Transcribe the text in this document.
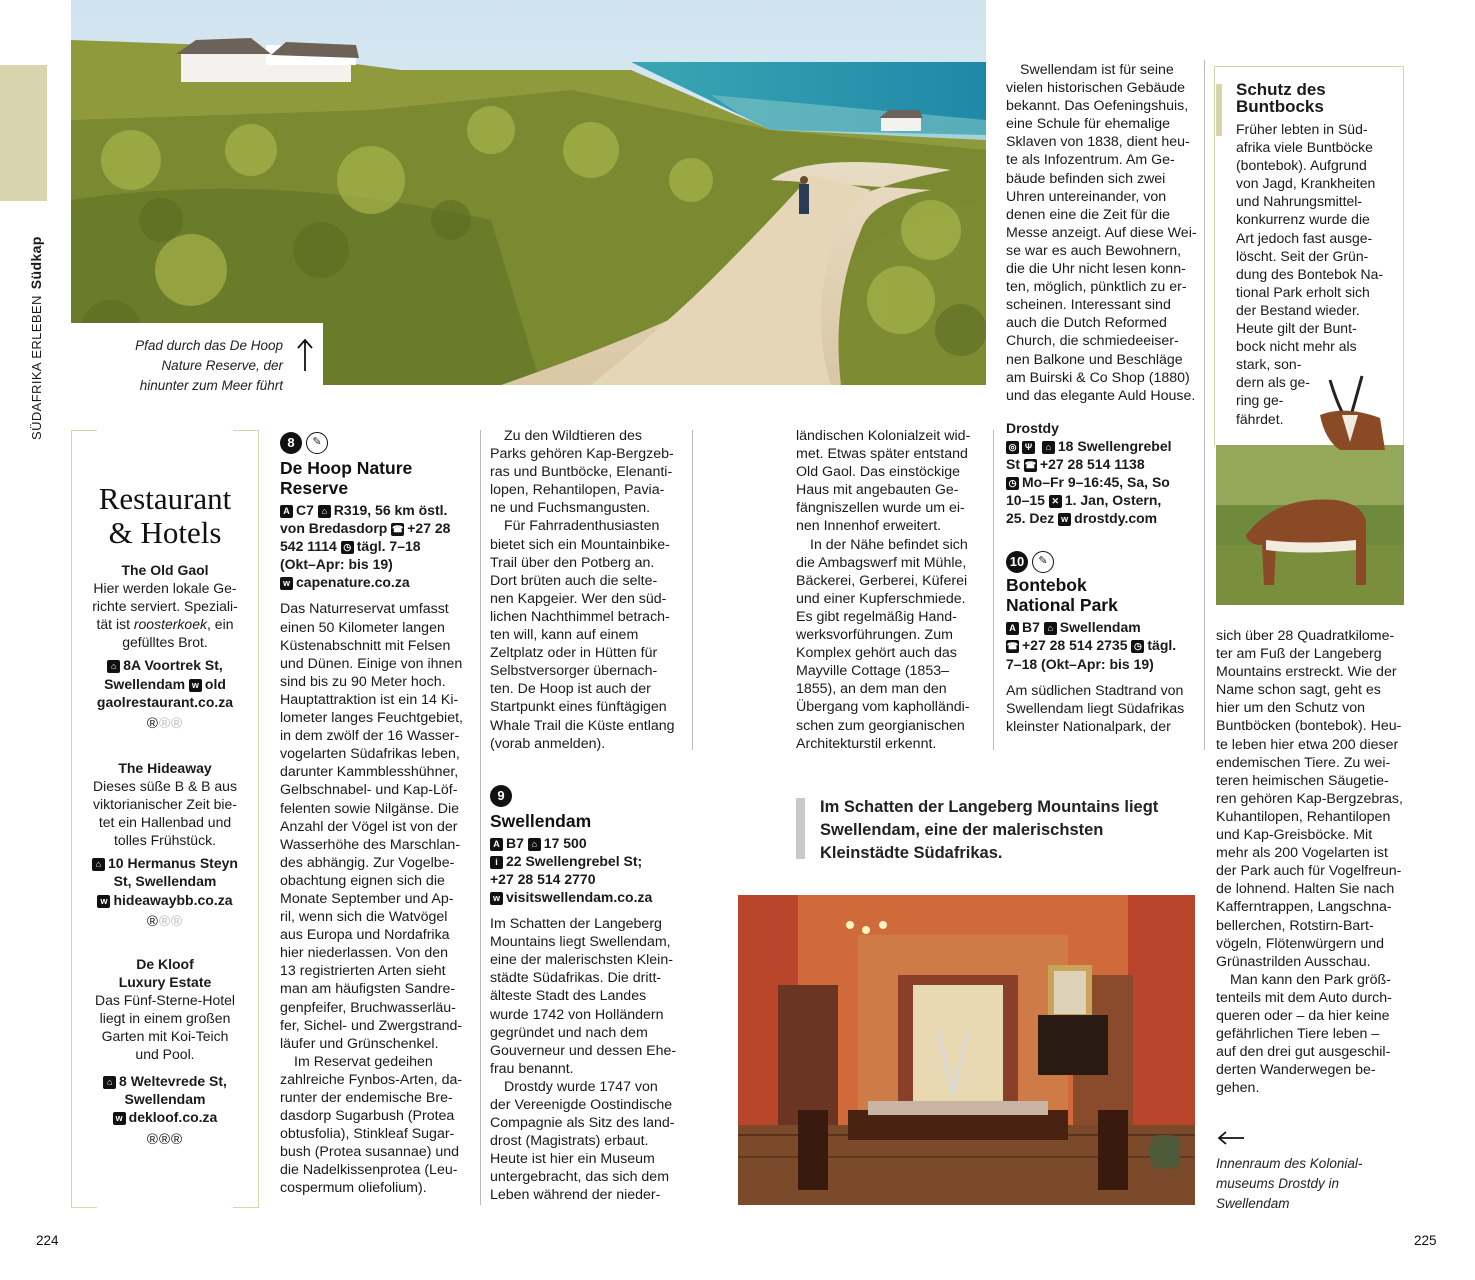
SÜDAFRIKA ERLEBENSüdkap
Pfad durch das De Hoop
Nature Reserve, der
hinunter zum Meer führt
Restaurant
& Hotels
The Old Gaol
Hier werden lokale Ge-
richte serviert. Speziali-
tät ist roosterkoek, ein
gefülltes Brot.
⌂ 8A Voortrek St,
Swellendam w old
gaolrestaurant.co.za
®®®
The Hideaway
Dieses süße B & B aus
viktorianischer Zeit bie-
tet ein Hallenbad und
tolles Frühstück.
⌂ 10 Hermanus Steyn
St, Swellendam
w hideawaybb.co.za
®®®
De Kloof
Luxury Estate
Das Fünf-Sterne-Hotel
liegt in einem großen
Garten mit Koi-Teich
und Pool.
⌂ 8 Weltevrede St,
Swellendam
w dekloof.co.za
®®®
8 ✎
De Hoop Nature
Reserve
A C7 ⌂ R319, 56 km östl.
von Bredasdorp ☎ +27 28
542 1114 ◷ tägl. 7–18
(Okt–Apr: bis 19)
w capenature.co.za
Das Naturreservat umfasst
einen 50 Kilometer langen
Küstenabschnitt mit Felsen
und Dünen. Einige von ihnen
sind bis zu 90 Meter hoch.
Hauptattraktion ist ein 14 Ki-
lometer langes Feuchtgebiet,
in dem zwölf der 16 Wasser-
vogelarten Südafrikas leben,
darunter Kammblesshühner,
Gelbschnabel- und Kap-Löf-
felenten sowie Nilgänse. Die
Anzahl der Vögel ist von der
Wasserhöhe des Marschlan-
des abhängig. Zur Vogelbe-
obachtung eignen sich die
Monate September und Ap-
ril, wenn sich die Watvögel
aus Europa und Nordafrika
hier niederlassen. Von den
13 registrierten Arten sieht
man am häufigsten Sandre-
genpfeifer, Bruchwasserläu-
fer, Sichel- und Zwergstrand-
läufer und Grünschenkel.
Im Reservat gedeihen
zahlreiche Fynbos-Arten, da-
runter der endemische Bre-
dasdorp Sugarbush (Protea
obtusfolia), Stinkleaf Sugar-
bush (Protea susannae) und
die Nadelkissenprotea (Leu-
cospermum oliefolium).
Zu den Wildtieren des
Parks gehören Kap-Bergzeb-
ras und Buntböcke, Elenanti-
lopen, Rehantilopen, Paviа-
ne und Fuchsmangusten.
Für Fahrradenthusiasten
bietet sich ein Mountainbike-
Trail über den Potberg an.
Dort brüten auch die selte-
nen Kapgeier. Wer den süd-
lichen Nachthimmel betrach-
ten will, kann auf einem
Zeltplatz oder in Hütten für
Selbstversorger übernach-
ten. De Hoop ist auch der
Startpunkt eines fünftägigen
Whale Trail die Küste entlang
(vorab anmelden).
9
Swellendam
A B7 ⌂ 17 500
i 22 Swellengrebel St;
+27 28 514 2770
w visitswellendam.co.za
Im Schatten der Langeberg
Mountains liegt Swellendam,
eine der malerischsten Klein-
städte Südafrikas. Die dritt-
älteste Stadt des Landes
wurde 1742 von Holländern
gegründet und nach dem
Gouverneur und dessen Ehe-
frau benannt.
Drostdy wurde 1747 von
der Vereenigde Oostindische
Compagnie als Sitz des land-
drost (Magistrats) erbaut.
Heute ist hier ein Museum
untergebracht, das sich dem
Leben während der nieder-
ländischen Kolonialzeit wid-
met. Etwas später entstand
Old Gaol. Das einstöckige
Haus mit angebauten Ge-
fängniszellen wurde um ei-
nen Innenhof erweitert.
In der Nähe befindet sich
die Ambagswerf mit Mühle,
Bäckerei, Gerberei, Küferei
und einer Kupferschmiede.
Es gibt regelmäßig Hand-
werksvorführungen. Zum
Komplex gehört auch das
Mayville Cottage (1853–
1855), an dem man den
Übergang vom kapholländi-
schen zum georgianischen
Architekturstil erkennt.
Im Schatten der Langeberg Mountains liegt Swellendam, eine der malerischsten Kleinstädte Südafrikas.
Swellendam ist für seine
vielen historischen Gebäude
bekannt. Das Oefeningshuis,
eine Schule für ehemalige
Sklaven von 1838, dient heu-
te als Infozentrum. Am Ge-
bäude befinden sich zwei
Uhren untereinander, von
denen eine die Zeit für die
Messe anzeigt. Auf diese Wei-
se war es auch Bewohnern,
die die Uhr nicht lesen konn-
ten, möglich, pünktlich zu er-
scheinen. Interessant sind
auch die Dutch Reformed
Church, die schmiedeeiser-
nen Balkone und Beschläge
am Buirski & Co Shop (1880)
und das elegante Auld House.
Drostdy
◎ Ψ ⌂ 18 Swellengrebel
St ☎ +27 28 514 1138
◷ Mo–Fr 9–16:45, Sa, So
10–15 ✕ 1. Jan, Ostern,
25. Dez w drostdy.com
10 ✎
Bontebok
National Park
A B7 ⌂ Swellendam
☎ +27 28 514 2735 ◷ tägl.
7–18 (Okt–Apr: bis 19)
Am südlichen Stadtrand von
Swellendam liegt Südafrikas
kleinster Nationalpark, der
Schutz des
Buntbocks
Früher lebten in Süd-
afrika viele Buntböcke
(bontebok). Aufgrund
von Jagd, Krankheiten
und Nahrungsmittel-
konkurrenz wurde die
Art jedoch fast ausge-
löscht. Seit der Grün-
dung des Bontebok Na-
tional Park erholt sich
der Bestand wieder.
Heute gilt der Bunt-
bock nicht mehr als
stark, son-
dern als ge-
ring ge-
fährdet.
sich über 28 Quadratkilome-
ter am Fuß der Langeberg
Mountains erstreckt. Wie der
Name schon sagt, geht es
hier um den Schutz von
Buntböcken (bontebok). Heu-
te leben hier etwa 200 dieser
endemischen Tiere. Zu wei-
teren heimischen Säugetie-
ren gehören Kap-Bergzebras,
Kuhantilopen, Rehantilopen
und Kap-Greisböcke. Mit
mehr als 200 Vogelarten ist
der Park auch für Vogelfreun-
de lohnend. Halten Sie nach
Kafferntrappen, Langschna-
bellerchen, Rotstirn-Bart-
vögeln, Flötenwürgern und
Grünastrilden Ausschau.
Man kann den Park größ-
tenteils mit dem Auto durch-
queren oder – da hier keine
gefährlichen Tiere leben –
auf den drei gut ausgeschil-
derten Wanderwegen be-
gehen.
Innenraum des Kolonial-
museums Drostdy in
Swellendam
224	225
